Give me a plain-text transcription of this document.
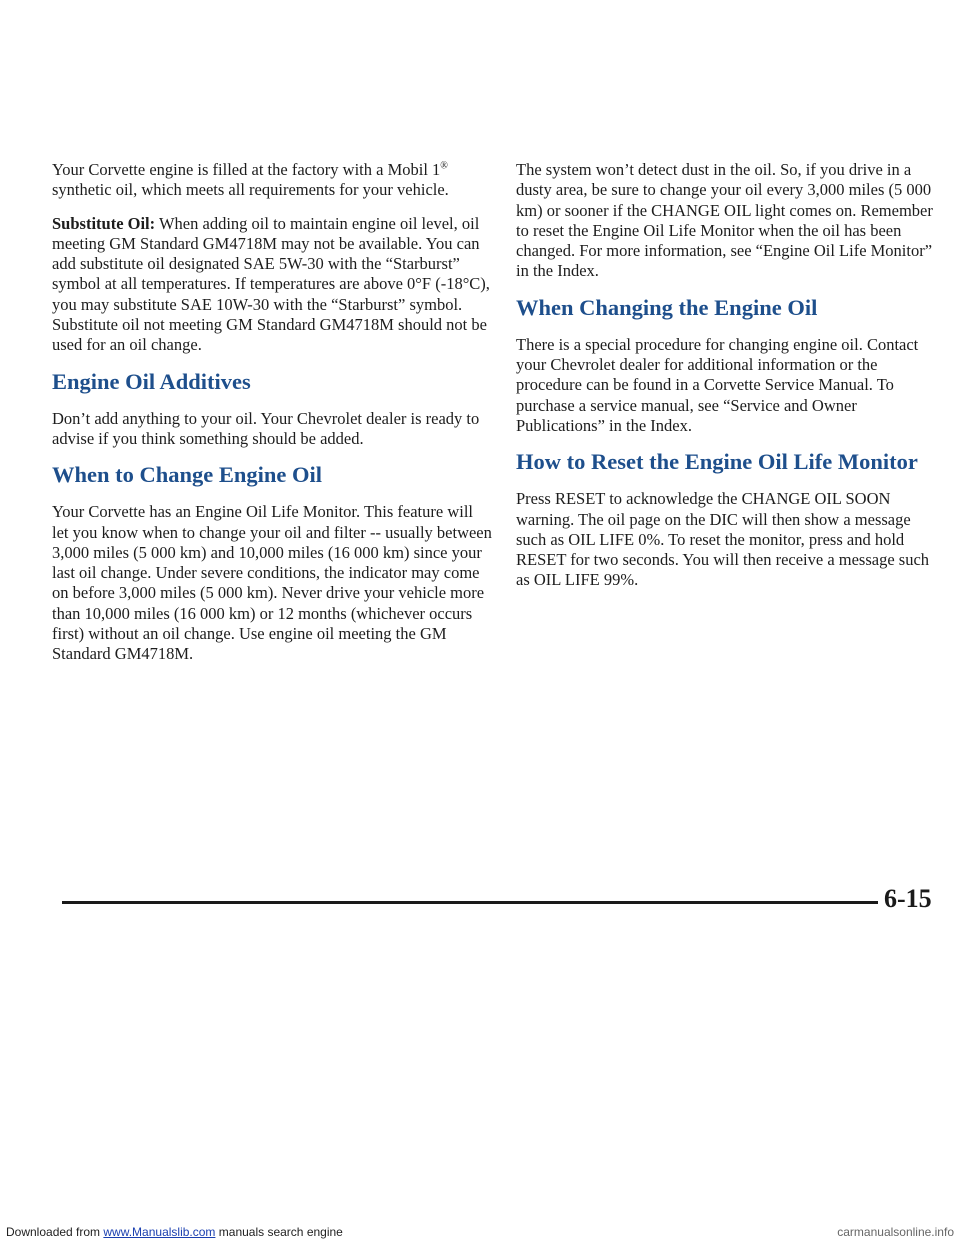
Your Corvette engine is filled at the factory with a Mobil 1® synthetic oil, which meets all requirements for your vehicle.

Substitute Oil: When adding oil to maintain engine oil level, oil meeting GM Standard GM4718M may not be available. You can add substitute oil designated SAE 5W-30 with the “Starburst” symbol at all temperatures. If temperatures are above 0°F (-18°C), you may substitute SAE 10W-30 with the “Starburst” symbol. Substitute oil not meeting GM Standard GM4718M should not be used for an oil change.

Engine Oil Additives

Don’t add anything to your oil. Your Chevrolet dealer is ready to advise if you think something should be added.

When to Change Engine Oil

Your Corvette has an Engine Oil Life Monitor. This feature will let you know when to change your oil and filter -- usually between 3,000 miles (5 000 km) and 10,000 miles (16 000 km) since your last oil change. Under severe conditions, the indicator may come on before 3,000 miles (5 000 km). Never drive your vehicle more than 10,000 miles (16 000 km) or 12 months (whichever occurs first) without an oil change. Use engine oil meeting the GM Standard GM4718M.

The system won’t detect dust in the oil. So, if you drive in a dusty area, be sure to change your oil every 3,000 miles (5 000 km) or sooner if the CHANGE OIL light comes on. Remember to reset the Engine Oil Life Monitor when the oil has been changed. For more information, see “Engine Oil Life Monitor” in the Index.

When Changing the Engine Oil

There is a special procedure for changing engine oil. Contact your Chevrolet dealer for additional information or the procedure can be found in a Corvette Service Manual. To purchase a service manual, see “Service and Owner Publications” in the Index.

How to Reset the Engine Oil Life Monitor

Press RESET to acknowledge the CHANGE OIL SOON warning. The oil page on the DIC will then show a message such as OIL LIFE 0%. To reset the monitor, press and hold RESET for two seconds. You will then receive a message such as OIL LIFE 99%.

6-15
Downloaded from www.Manualslib.com manuals search engine	carmanualsonline.info
